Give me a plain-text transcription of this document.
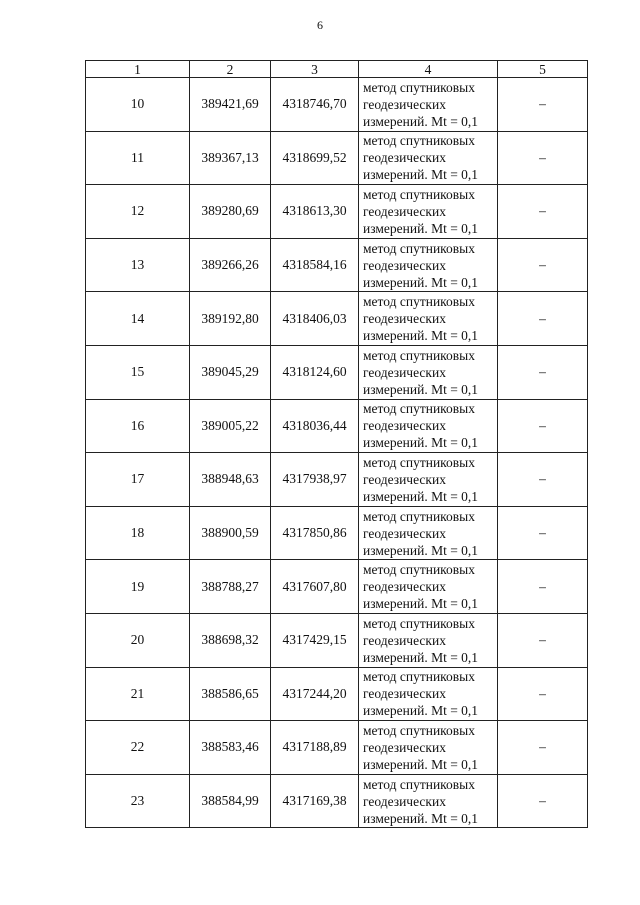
6
1	2	3	4	5
10	389421,69	4318746,70	метод спутниковых
геодезических
измерений. Mt = 0,1	–
11	389367,13	4318699,52	метод спутниковых
геодезических
измерений. Mt = 0,1	–
12	389280,69	4318613,30	метод спутниковых
геодезических
измерений. Mt = 0,1	–
13	389266,26	4318584,16	метод спутниковых
геодезических
измерений. Mt = 0,1	–
14	389192,80	4318406,03	метод спутниковых
геодезических
измерений. Mt = 0,1	–
15	389045,29	4318124,60	метод спутниковых
геодезических
измерений. Mt = 0,1	–
16	389005,22	4318036,44	метод спутниковых
геодезических
измерений. Mt = 0,1	–
17	388948,63	4317938,97	метод спутниковых
геодезических
измерений. Mt = 0,1	–
18	388900,59	4317850,86	метод спутниковых
геодезических
измерений. Mt = 0,1	–
19	388788,27	4317607,80	метод спутниковых
геодезических
измерений. Mt = 0,1	–
20	388698,32	4317429,15	метод спутниковых
геодезических
измерений. Mt = 0,1	–
21	388586,65	4317244,20	метод спутниковых
геодезических
измерений. Mt = 0,1	–
22	388583,46	4317188,89	метод спутниковых
геодезических
измерений. Mt = 0,1	–
23	388584,99	4317169,38	метод спутниковых
геодезических
измерений. Mt = 0,1	–
